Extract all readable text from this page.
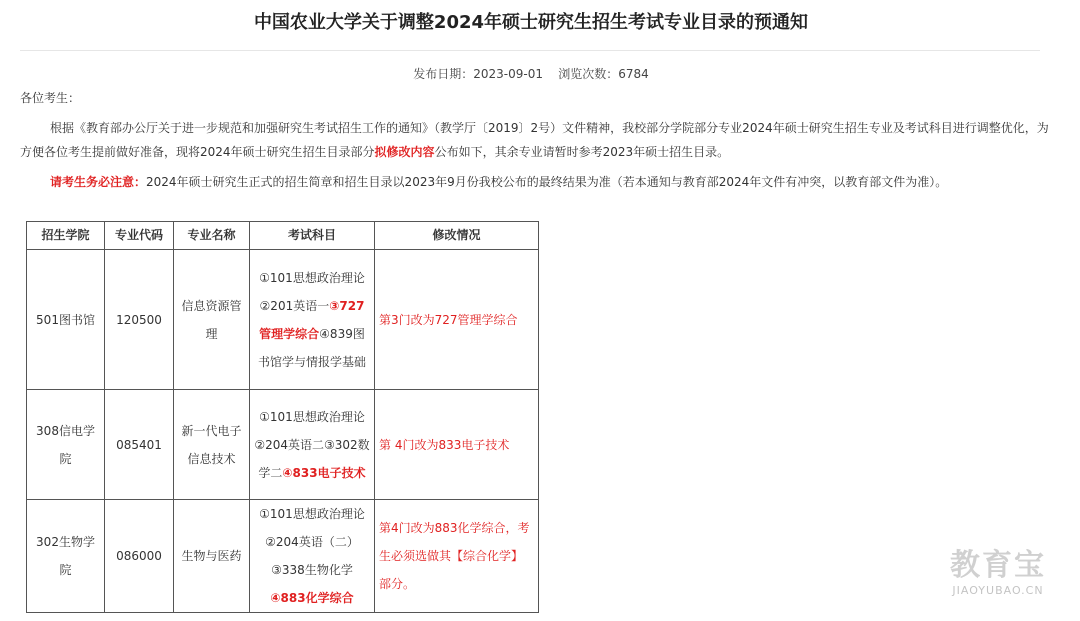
中国农业大学关于调整2024年硕士研究生招生考试专业目录的预通知
发布日期：2023-09-01 浏览次数：6784
各位考生：
根据《教育部办公厅关于进一步规范和加强研究生考试招生工作的通知》（教学厅〔2019〕2号）文件精神，我校部分学院部分专业2024年硕士研究生招生专业及考试科目进行调整优化，为方便各位考生提前做好准备，现将2024年硕士研究生招生目录部分拟修改内容公布如下，其余专业请暂时参考2023年硕士招生目录。
请考生务必注意：2024年硕士研究生正式的招生简章和招生目录以2023年9月份我校公布的最终结果为准（若本通知与教育部2024年文件有冲突，以教育部文件为准）。
招生学院	专业代码	专业名称	考试科目	修改情况
501图书馆	120500	信息资源管理	①101思想政治理论②201英语一③727管理学综合④839图书馆学与情报学基础	第3门改为727管理学综合
308信电学院	085401	新一代电子信息技术	①101思想政治理论②204英语二③302数学二④833电子技术	第 4门改为833电子技术
302生物学院	086000	生物与医药	①101思想政治理论②204英语（二）③338生物化学④883化学综合	第4门改为883化学综合，考生必须选做其【综合化学】部分。
教育宝
JIAOYUBAO.CN
